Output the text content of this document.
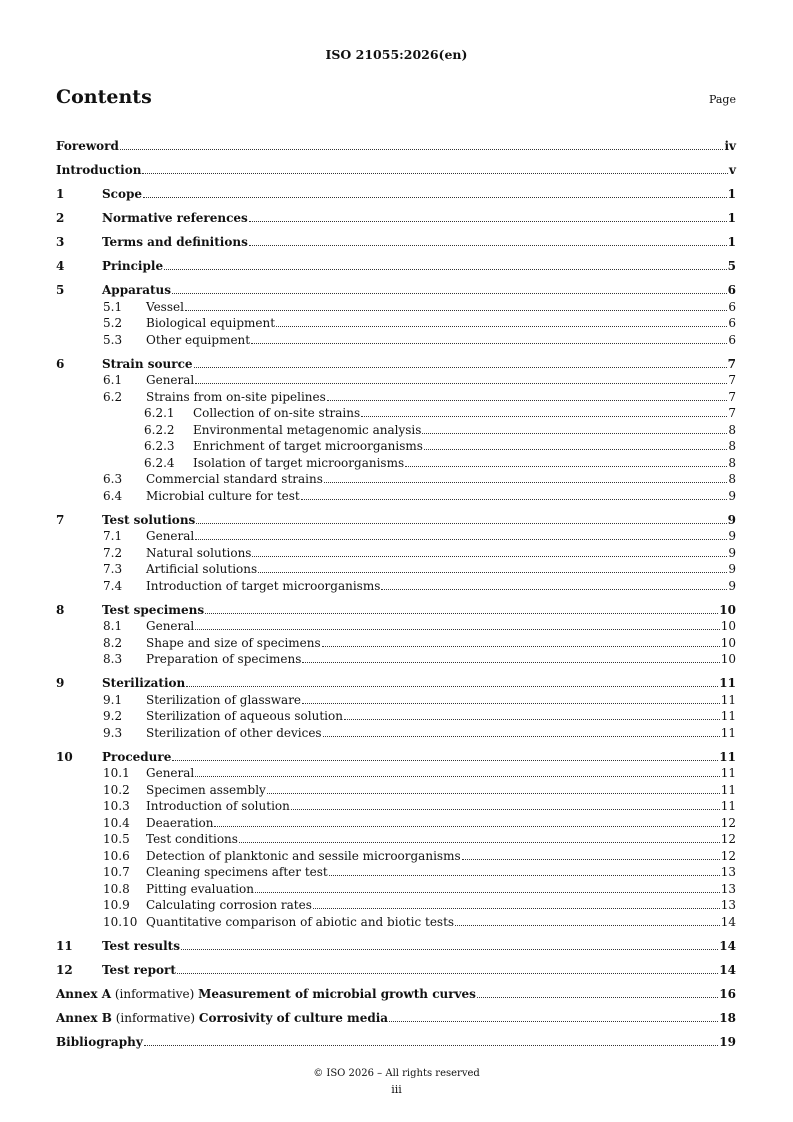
ISO 21055:2026(en)
Contents	Page
Foreword	iv
Introduction	v
1	Scope	1
2	Normative references	1
3	Terms and definitions	1
4	Principle	5
5	Apparatus	6
5.1 Vessel	6
5.2 Biological equipment	6
5.3 Other equipment	6
6	Strain source	7
6.1 General	7
6.2 Strains from on-site pipelines	7
6.2.1 Collection of on-site strains	7
6.2.2 Environmental metagenomic analysis	8
6.2.3 Enrichment of target microorganisms	8
6.2.4 Isolation of target microorganisms	8
6.3 Commercial standard strains	8
6.4 Microbial culture for test	9
7	Test solutions	9
7.1 General	9
7.2 Natural solutions	9
7.3 Artificial solutions	9
7.4 Introduction of target microorganisms	9
8	Test specimens	10
8.1 General	10
8.2 Shape and size of specimens	10
8.3 Preparation of specimens	10
9	Sterilization	11
9.1 Sterilization of glassware	11
9.2 Sterilization of aqueous solution	11
9.3 Sterilization of other devices	11
10 Procedure	11
10.1 General	11
10.2 Specimen assembly	11
10.3 Introduction of solution	11
10.4 Deaeration	12
10.5 Test conditions	12
10.6 Detection of planktonic and sessile microorganisms	12
10.7 Cleaning specimens after test	13
10.8 Pitting evaluation	13
10.9 Calculating corrosion rates	13
10.10 Quantitative comparison of abiotic and biotic tests	14
11 Test results	14
12 Test report	14
Annex A (informative) Measurement of microbial growth curves	16
Annex B (informative) Corrosivity of culture media	18
Bibliography	19
© ISO 2026 – All rights reserved
iii
